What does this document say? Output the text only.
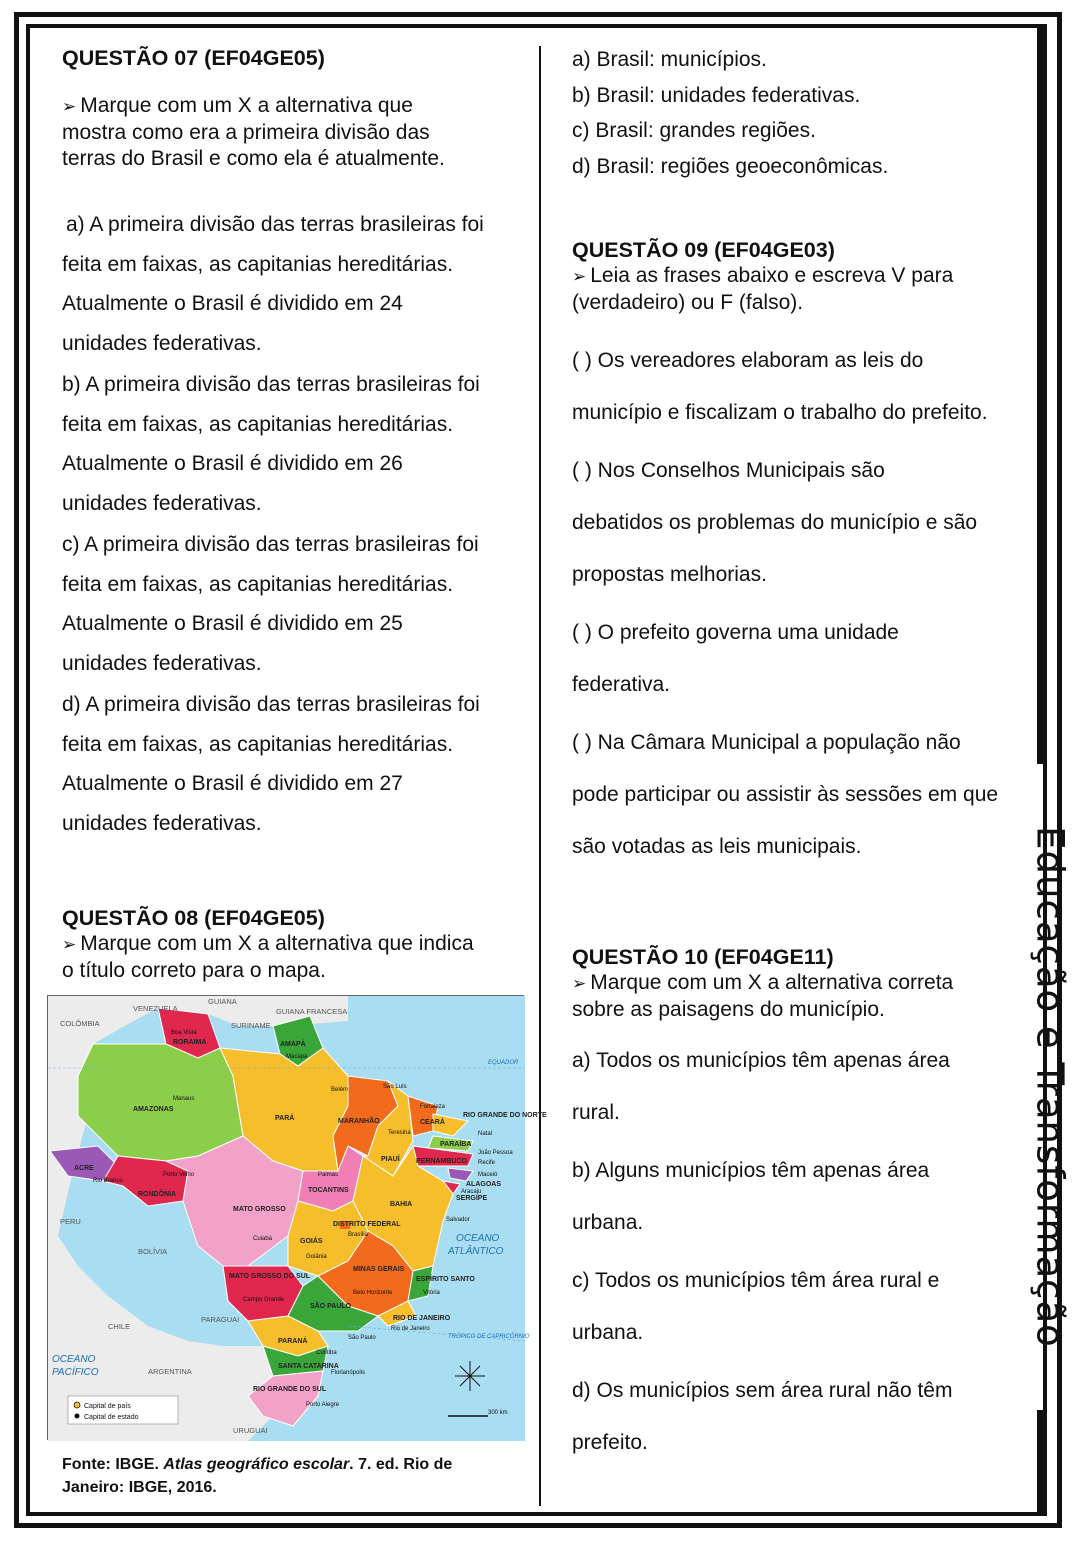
Educação e Transformação

QUESTÃO 07 (EF04GE05)

➢ Marque com um X a alternativa que

mostra como era a primeira divisão das

terras do Brasil e como ela é atualmente.

a) A primeira divisão das terras brasileiras foi

feita em faixas, as capitanias hereditárias.

Atualmente o Brasil é dividido em 24

unidades federativas.

b) A primeira divisão das terras brasileiras foi

feita em faixas, as capitanias hereditárias.

Atualmente o Brasil é dividido em 26

unidades federativas.

c) A primeira divisão das terras brasileiras foi

feita em faixas, as capitanias hereditárias.

Atualmente o Brasil é dividido em 25

unidades federativas.

d) A primeira divisão das terras brasileiras foi

feita em faixas, as capitanias hereditárias.

Atualmente o Brasil é dividido em 27

unidades federativas.

QUESTÃO 08 (EF04GE05)

➢ Marque com um X a alternativa que indica

o título correto para o mapa.

VENEZUELA
GUIANA
GUIANA FRANCESA
SURINAME
COLÔMBIA
PERU
BOLÍVIA
CHILE
PARAGUAI
ARGENTINA
URUGUAI
OCEANO
ATLÂNTICO
OCEANO
PACÍFICO
RORAIMA	AMAPÁ
AMAZONAS
PARÁ	MARANHÃO	CEARÁ
RIO GRANDE DO NORTE
PARAÍBA
PERNAMBUCO
ALAGOAS
SERGIPE
PIAUÍ
BAHIA
ACRE
RONDÔNIA
MATO GROSSO
TOCANTINS
DISTRITO FEDERAL
GOIÁS
MINAS GERAIS
ESPÍRITO SANTO
MATO GROSSO DO SUL
SÃO PAULO
RIO DE JANEIRO
PARANÁ
SANTA CATARINA
RIO GRANDE DO SUL
Boa Vista
Macapá
Manaus
Belém	São Luís
Fortaleza
Teresina	Natal
João Pessoa
Recife
Maceió
Aracaju
Salvador
Palmas
Porto Velho
Rio Branco
Cuiabá
Brasília
Goiânia
Belo Horizonte	Vitória
Campo Grande
São Paulo
Rio de Janeiro
Curitiba
Florianópolis
Porto Alegre
EQUADOR
TRÓPICO DE CAPRICÓRNIO
Capital de país
Capital de estado
300 km
Fonte: IBGE. Atlas geográfico escolar. 7. ed. Rio de
Janeiro: IBGE, 2016.

a) Brasil: municípios.

b) Brasil: unidades federativas.

c) Brasil: grandes regiões.

d) Brasil: regiões geoeconômicas.

QUESTÃO 09 (EF04GE03)

➢ Leia as frases abaixo e escreva V para

(verdadeiro) ou F (falso).

( ) Os vereadores elaboram as leis do

município e fiscalizam o trabalho do prefeito.

( ) Nos Conselhos Municipais são

debatidos os problemas do município e são

propostas melhorias.

( ) O prefeito governa uma unidade

federativa.

( ) Na Câmara Municipal a população não

pode participar ou assistir às sessões em que

são votadas as leis municipais.

QUESTÃO 10 (EF04GE11)

➢ Marque com um X a alternativa correta

sobre as paisagens do município.

a) Todos os municípios têm apenas área

rural.

b) Alguns municípios têm apenas área

urbana.

c) Todos os municípios têm área rural e

urbana.

d) Os municípios sem área rural não têm

prefeito.
